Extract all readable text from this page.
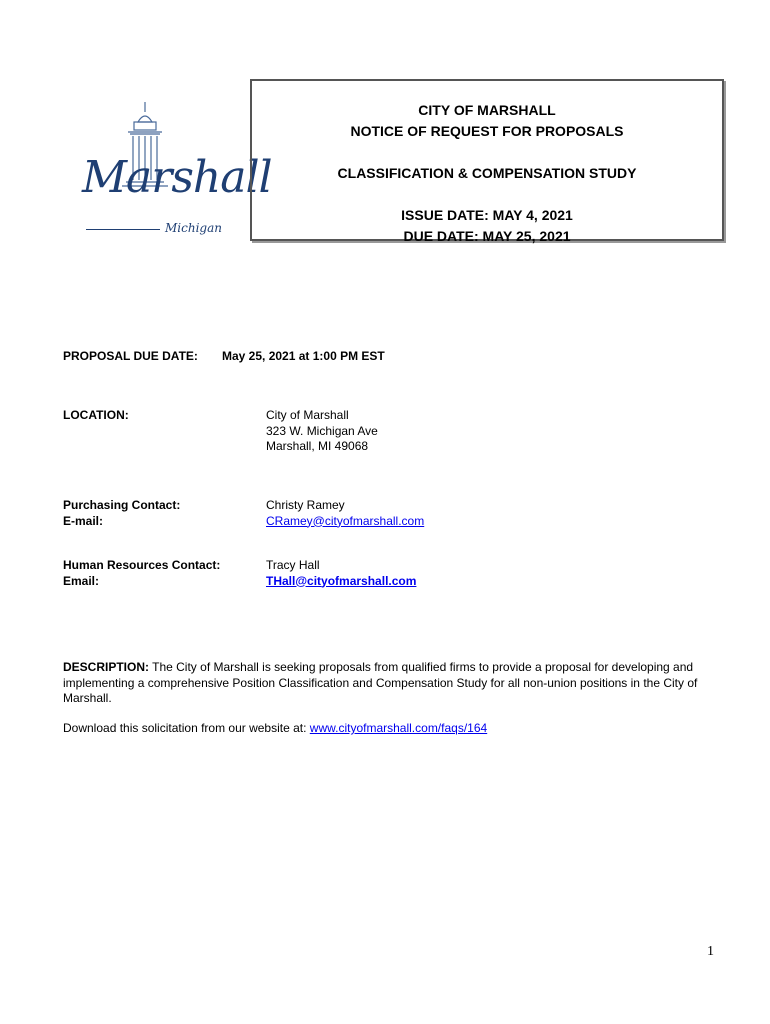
Marshall
Michigan
CITY OF MARSHALL
NOTICE OF REQUEST FOR PROPOSALS
CLASSIFICATION & COMPENSATION STUDY
ISSUE DATE: MAY 4, 2021
DUE DATE: MAY 25, 2021
PROPOSAL DUE DATE: May 25, 2021 at 1:00 PM EST
LOCATION:	City of Marshall
323 W. Michigan Ave
Marshall, MI 49068
Purchasing Contact:
E-mail:
Christy Ramey
CRamey@cityofmarshall.com
Human Resources Contact:
Email:
Tracy Hall
THall@cityofmarshall.com
DESCRIPTION: The City of Marshall is seeking proposals from qualified firms to provide a proposal for developing and implementing a comprehensive Position Classification and Compensation Study for all non-union positions in the City of Marshall.
Download this solicitation from our website at: www.cityofmarshall.com/faqs/164
1
